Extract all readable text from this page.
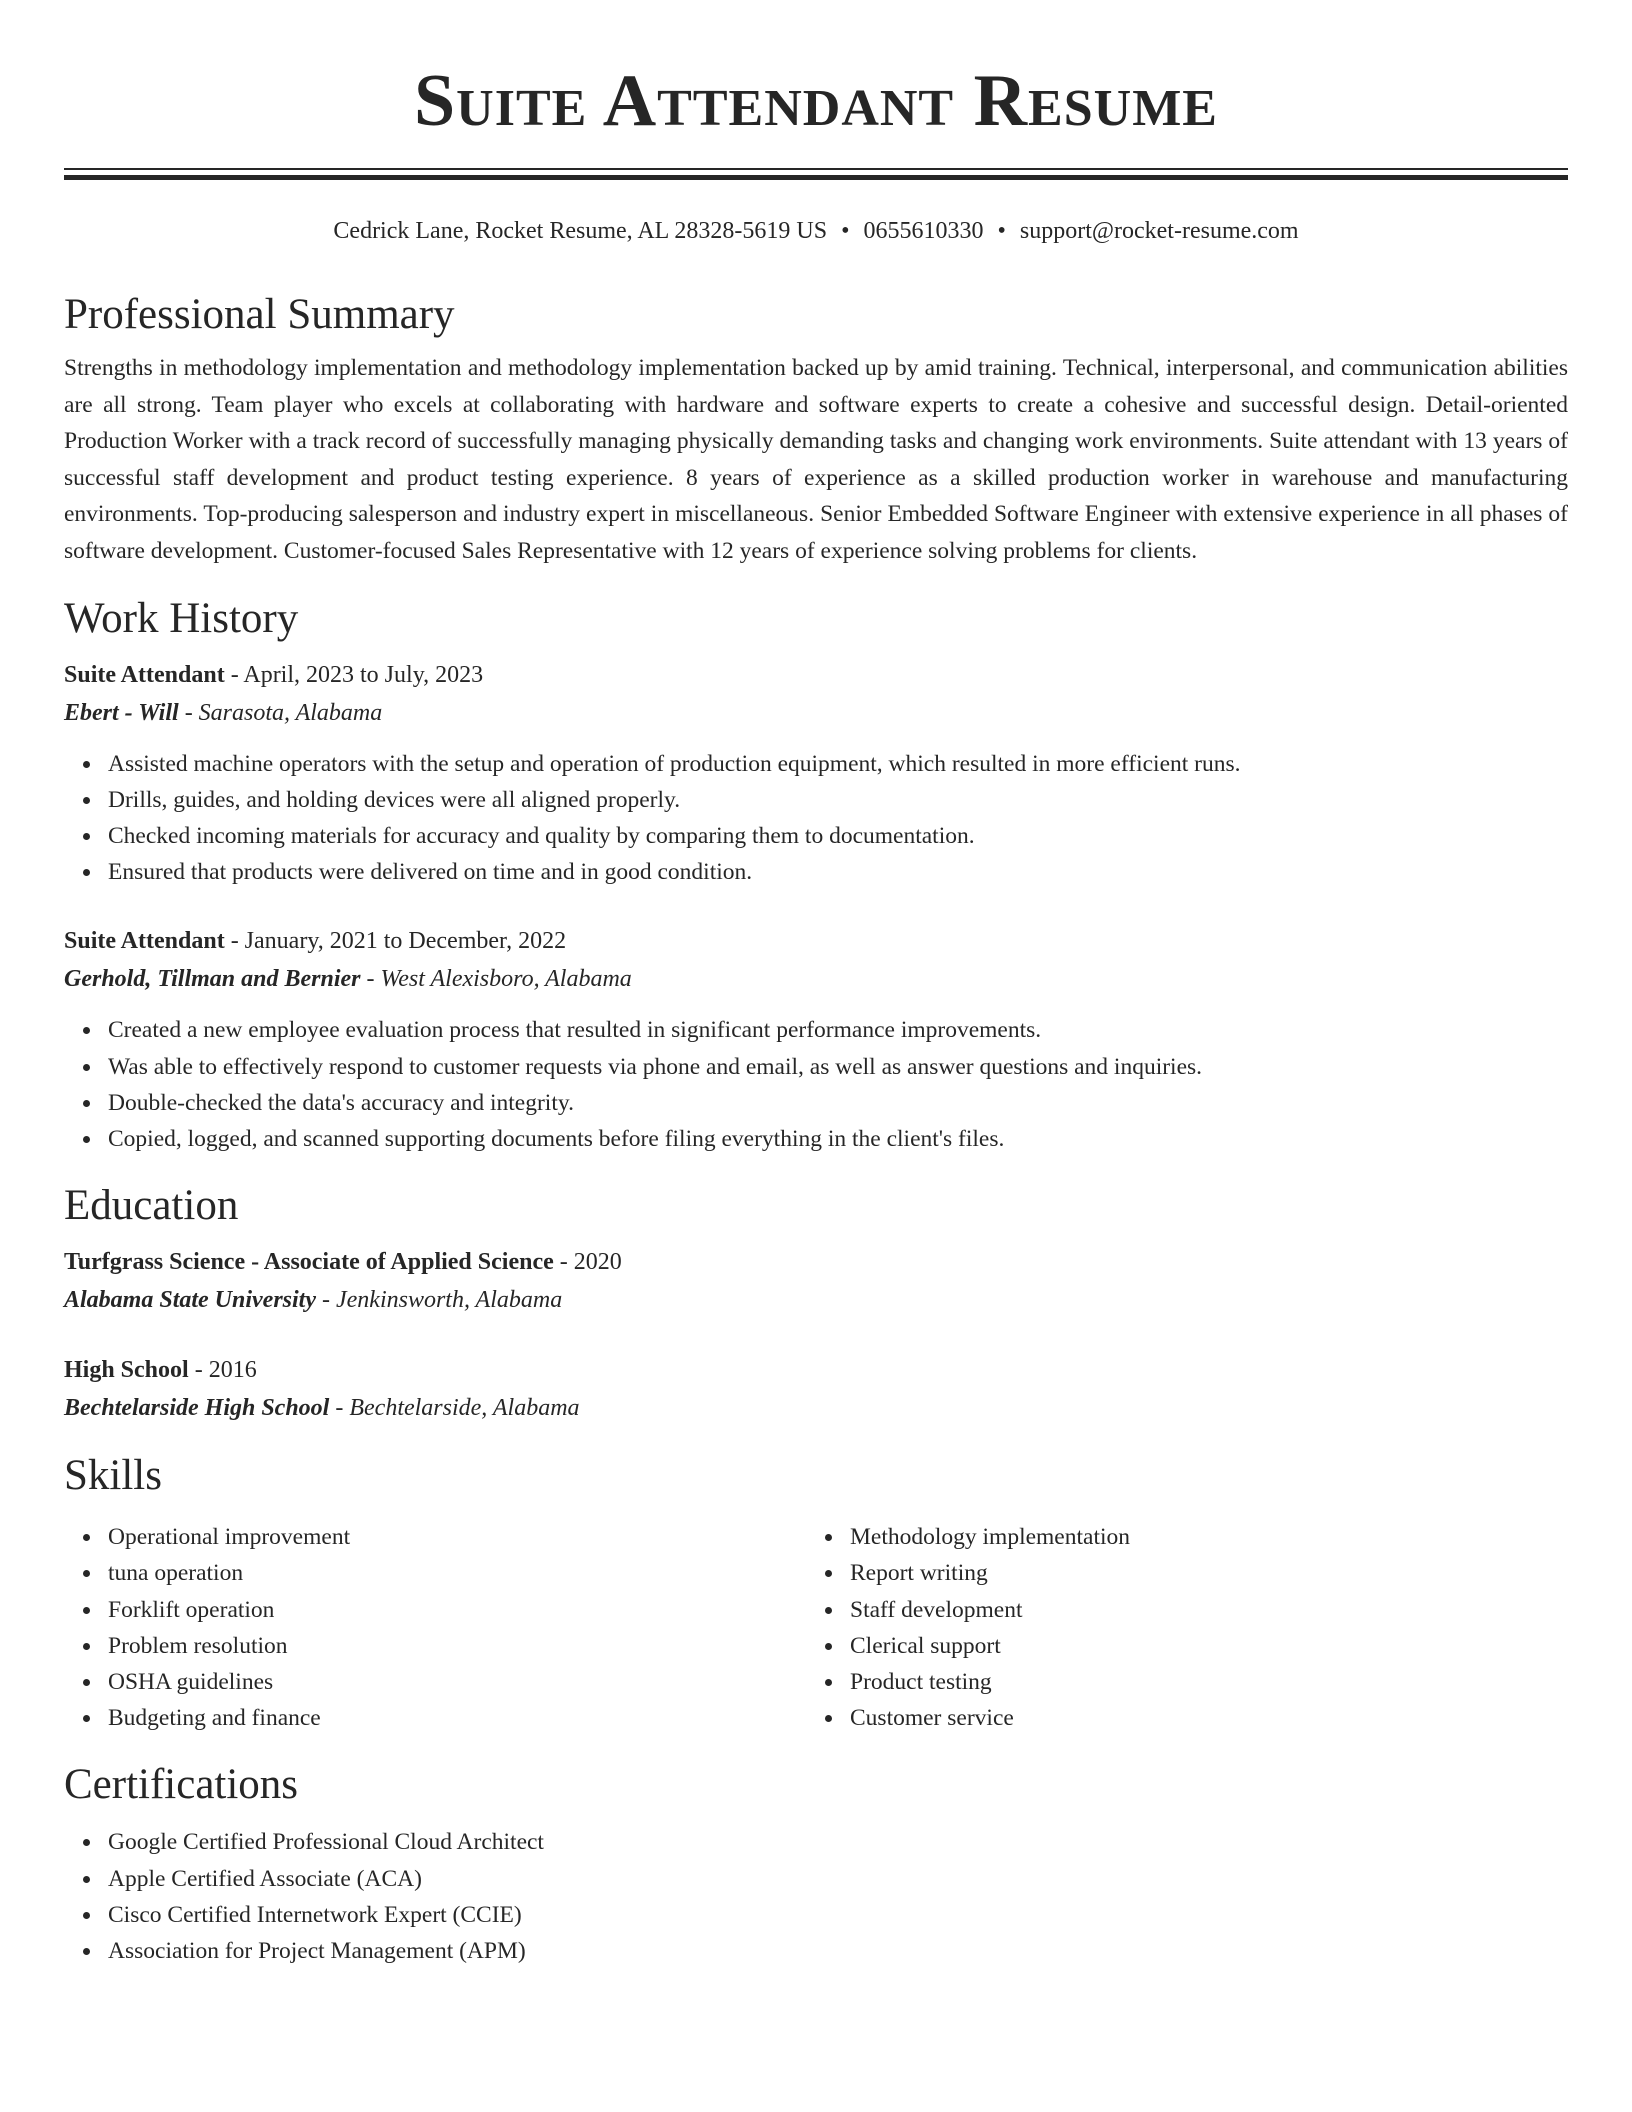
Suite Attendant Resume
Cedrick Lane, Rocket Resume, AL 28328-5619 US • 0655610330 • support@rocket-resume.com
Professional Summary

Strengths in methodology implementation and methodology implementation backed up by amid training. Technical, interpersonal, and communication abilities are all strong. Team player who excels at collaborating with hardware and software experts to create a cohesive and successful design. Detail-oriented Production Worker with a track record of successfully managing physically demanding tasks and changing work environments. Suite attendant with 13 years of successful staff development and product testing experience. 8 years of experience as a skilled production worker in warehouse and manufacturing environments. Top-producing salesperson and industry expert in miscellaneous. Senior Embedded Software Engineer with extensive experience in all phases of software development. Customer-focused Sales Representative with 12 years of experience solving problems for clients.

Work History

Suite Attendant - April, 2023 to July, 2023

Ebert - Will - Sarasota, Alabama

Assisted machine operators with the setup and operation of production equipment, which resulted in more efficient runs.
Drills, guides, and holding devices were all aligned properly.
Checked incoming materials for accuracy and quality by comparing them to documentation.
Ensured that products were delivered on time and in good condition.

Suite Attendant - January, 2021 to December, 2022

Gerhold, Tillman and Bernier - West Alexisboro, Alabama

Created a new employee evaluation process that resulted in significant performance improvements.
Was able to effectively respond to customer requests via phone and email, as well as answer questions and inquiries.
Double-checked the data's accuracy and integrity.
Copied, logged, and scanned supporting documents before filing everything in the client's files.
Education

Turfgrass Science - Associate of Applied Science - 2020

Alabama State University - Jenkinsworth, Alabama

High School - 2016

Bechtelarside High School - Bechtelarside, Alabama

Skills
Operational improvement
tuna operation
Forklift operation
Problem resolution
OSHA guidelines
Budgeting and finance
Methodology implementation
Report writing
Staff development
Clerical support
Product testing
Customer service
Certifications
Google Certified Professional Cloud Architect
Apple Certified Associate (ACA)
Cisco Certified Internetwork Expert (CCIE)
Association for Project Management (APM)
